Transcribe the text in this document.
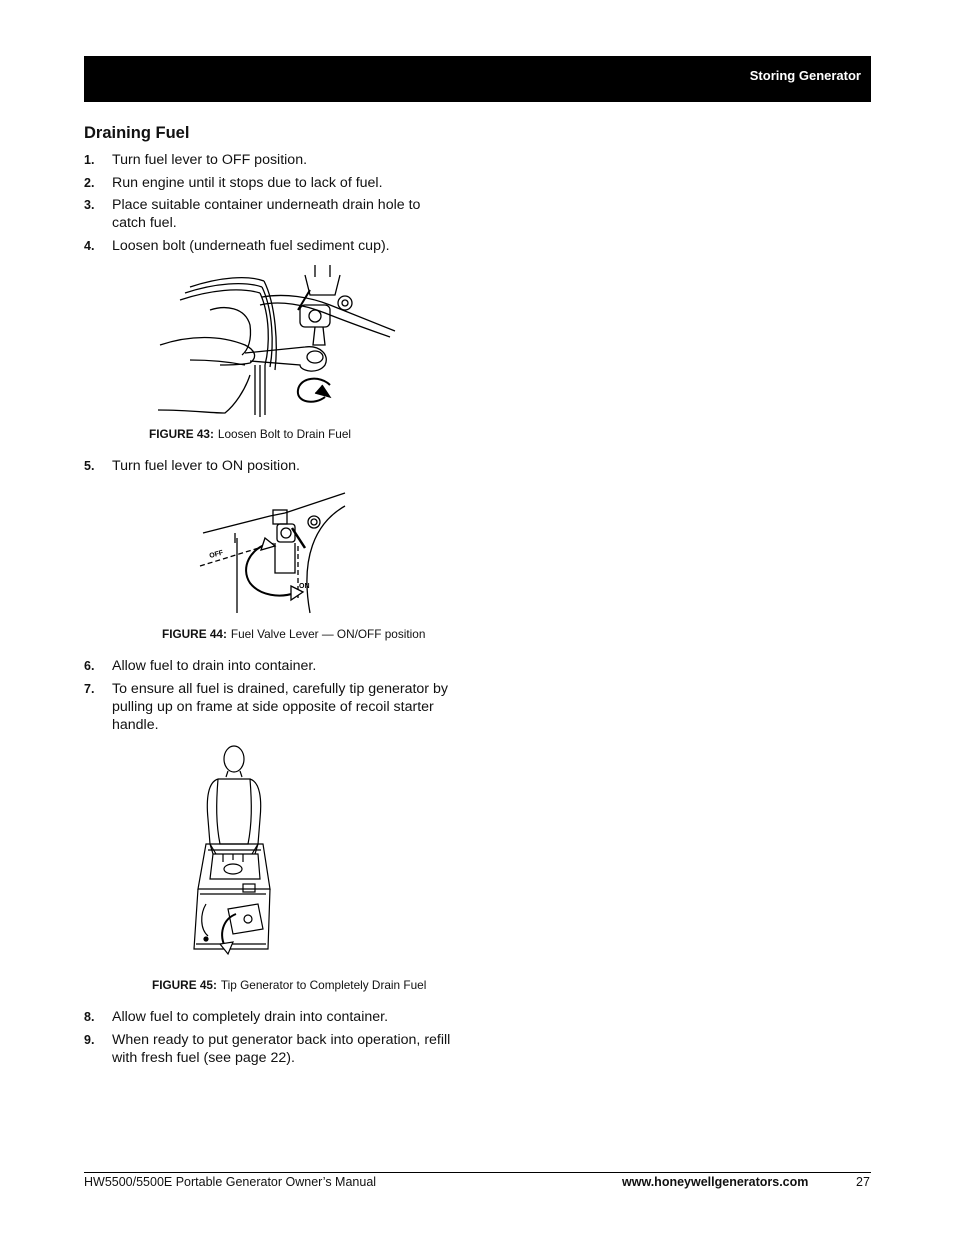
Storing Generator
Draining Fuel
1. Turn fuel lever to OFF position.
2. Run engine until it stops due to lack of fuel.
3. Place suitable container underneath drain hole to catch fuel.
4. Loosen bolt (underneath fuel sediment cup).
FIGURE 43: Loosen Bolt to Drain Fuel
5. Turn fuel lever to ON position.
OFF
ON
FIGURE 44: Fuel Valve Lever — ON/OFF position
6. Allow fuel to drain into container.
7. To ensure all fuel is drained, carefully tip generator by pulling up on frame at side opposite of recoil starter handle.
FIGURE 45: Tip Generator to Completely Drain Fuel
8. Allow fuel to completely drain into container.
9. When ready to put generator back into operation, refill with fresh fuel (see page 22).
HW5500/5500E Portable Generator Owner’s Manual	www.honeywellgenerators.com	27
